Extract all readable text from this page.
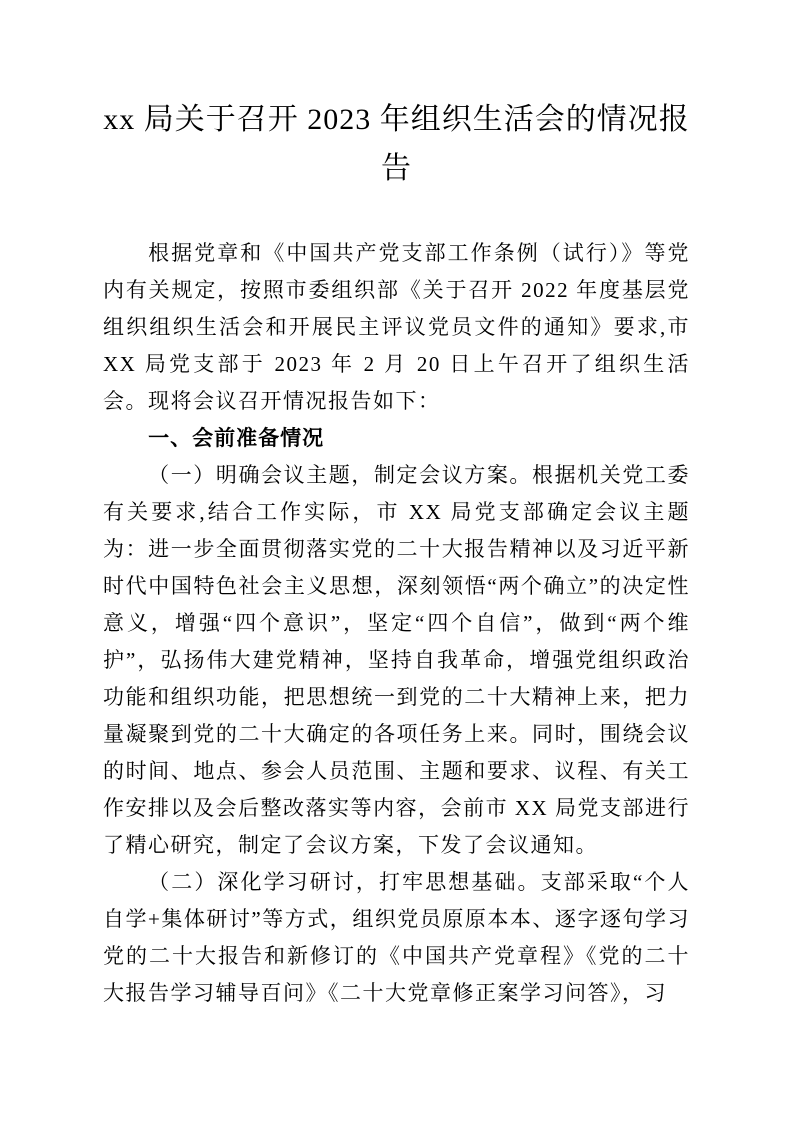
xx 局关于召开 2023 年组织生活会的情况报告

根据党章和《中国共产党支部工作条例（试行）》等党内有关规定，按照市委组织部《关于召开 2022 年度基层党组织组织生活会和开展民主评议党员文件的通知》要求,市 XX 局党支部于 2023 年 2 月 20 日上午召开了组织生活会。现将会议召开情况报告如下：

一、会前准备情况

（一）明确会议主题，制定会议方案。根据机关党工委有关要求,结合工作实际，市 XX 局党支部确定会议主题为：进一步全面贯彻落实党的二十大报告精神以及习近平新时代中国特色社会主义思想，深刻领悟“两个确立”的决定性意义，增强“四个意识”，坚定“四个自信”，做到“两个维护”，弘扬伟大建党精神，坚持自我革命，增强党组织政治功能和组织功能，把思想统一到党的二十大精神上来，把力量凝聚到党的二十大确定的各项任务上来。同时，围绕会议的时间、地点、参会人员范围、主题和要求、议程、有关工作安排以及会后整改落实等内容，会前市 XX 局党支部进行了精心研究，制定了会议方案，下发了会议通知。

（二）深化学习研讨，打牢思想基础。支部采取“个人自学+集体研讨”等方式，组织党员原原本本、逐字逐句学习党的二十大报告和新修订的《中国共产党章程》《党的二十大报告学习辅导百问》《二十大党章修正案学习问答》，习
